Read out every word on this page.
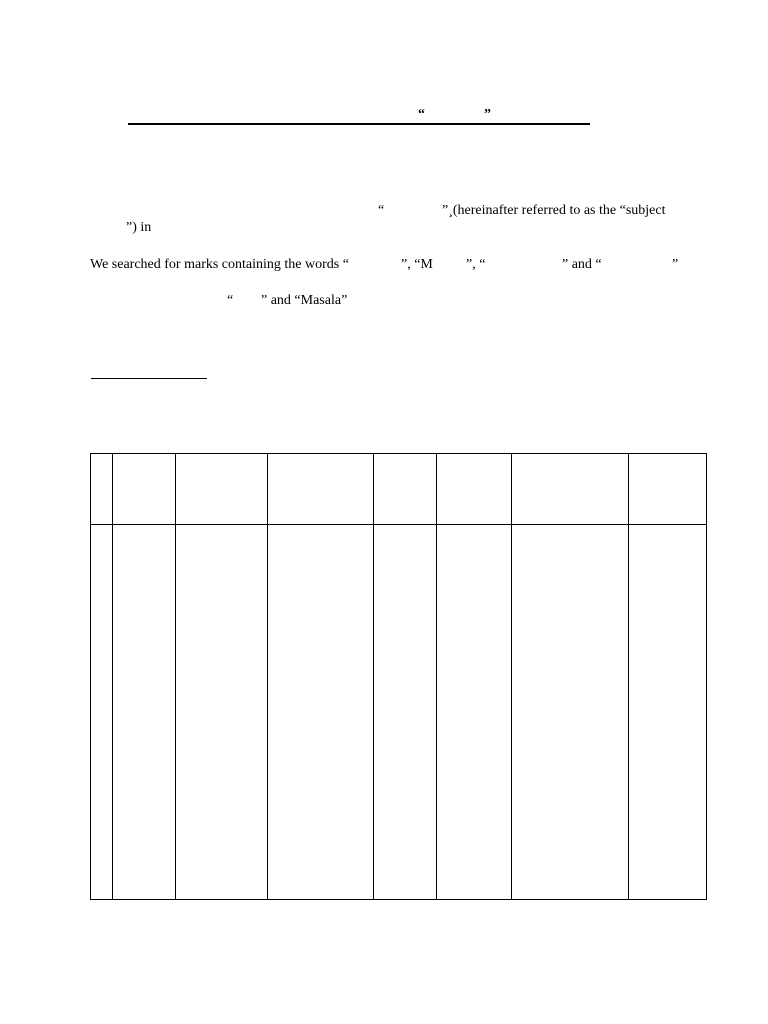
“	”
“	”¸(hereinafter referred to as the “subject
”) in
We searched for marks containing the words “	”, “M ”, “	” and “	”
“ ” and “Masala”
